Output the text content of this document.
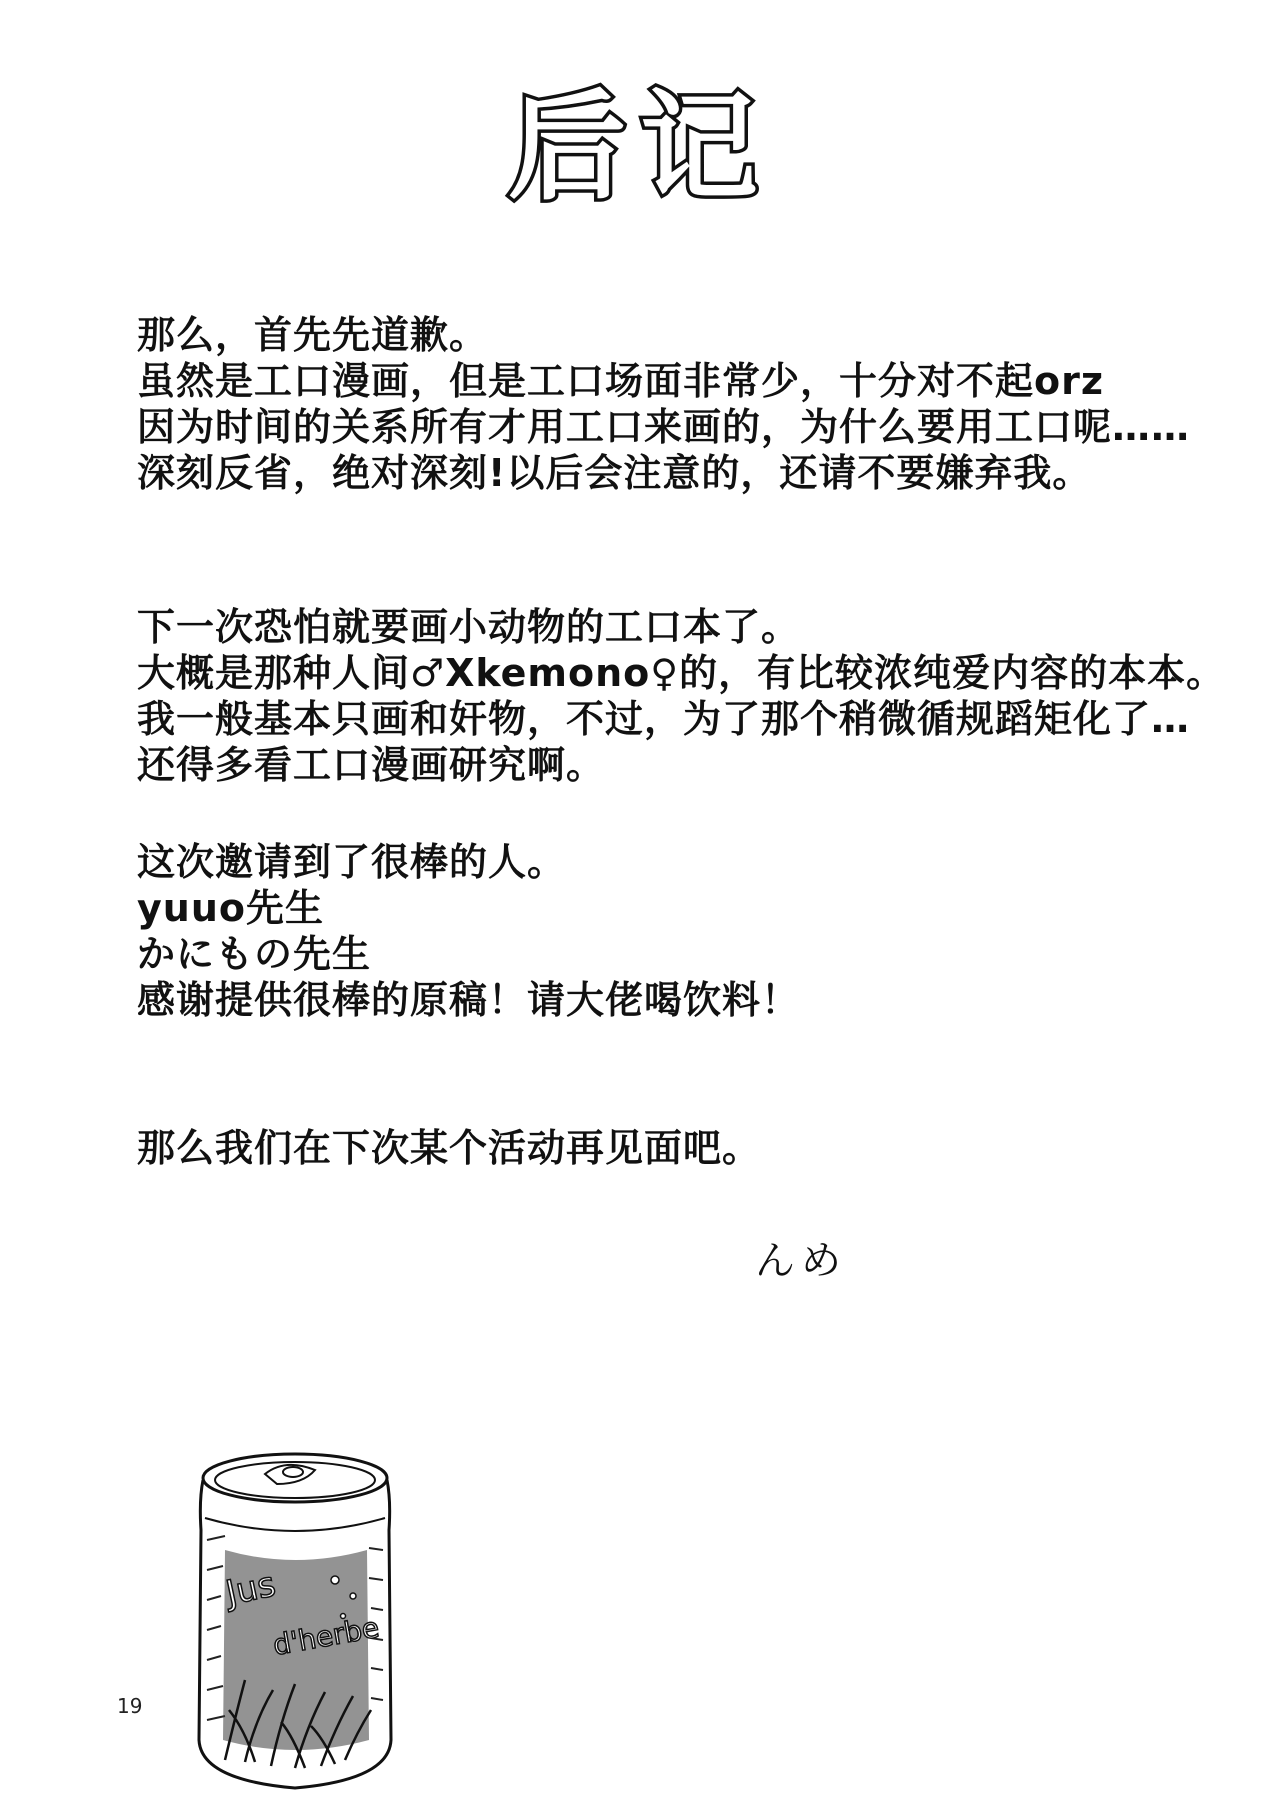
后记
那么，首先先道歉。
虽然是工口漫画，但是工口场面非常少，十分对不起orz
因为时间的关系所有才用工口来画的，为什么要用工口呢……
深刻反省，绝对深刻!以后会注意的，还请不要嫌弃我。
下一次恐怕就要画小动物的工口本了。
大概是那种人间♂Xkemono♀的，有比较浓纯爱内容的本本。
我一般基本只画和奸物，不过，为了那个稍微循规蹈矩化了…
还得多看工口漫画研究啊。
这次邀请到了很棒的人。
yuuo先生
かにもの先生
感谢提供很棒的原稿！请大佬喝饮料！
那么我们在下次某个活动再见面吧。
んめ
Jus
d'herbe
19
